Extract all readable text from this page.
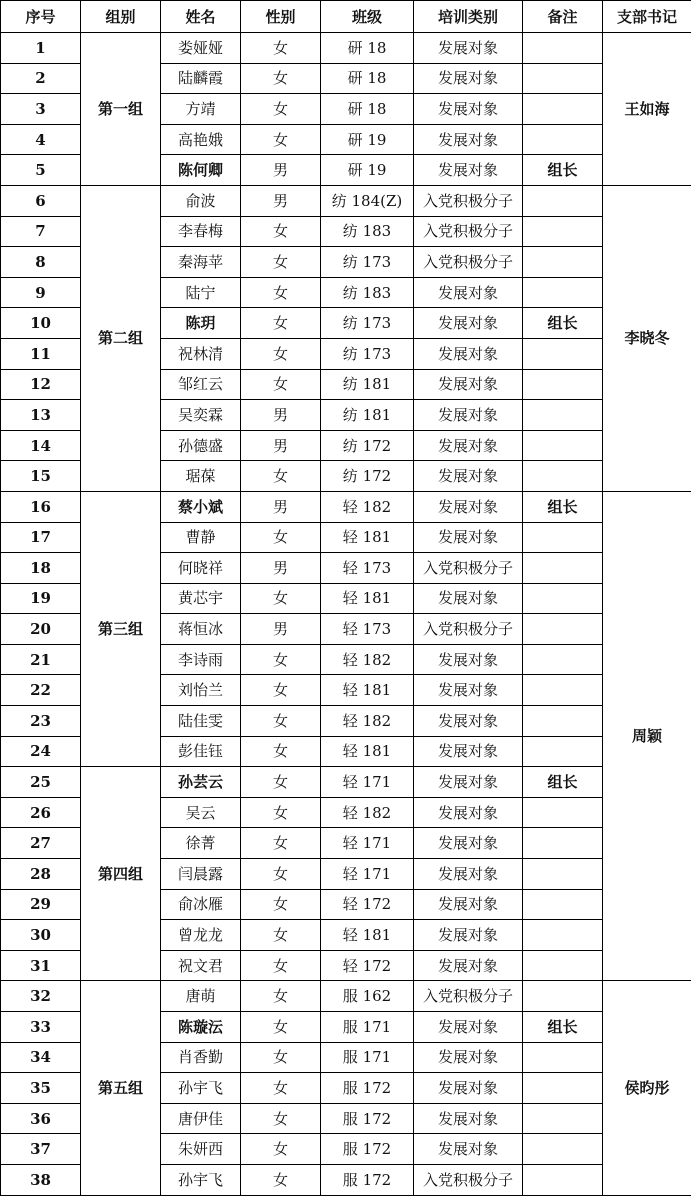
序号	组别	姓名	性别	班级	培训类别	备注	支部书记
1	第一组	娄娅娅	女	研 18	发展对象		王如海
2		陆麟霞	女	研 18	发展对象		
3		方靖	女	研 18	发展对象		
4		高艳娥	女	研 19	发展对象		
5		陈何卿	男	研 19	发展对象	组长	
6	第二组	俞波	男	纺 184(Z)	入党积极分子		李晓冬
7		李春梅	女	纺 183	入党积极分子		
8		秦海苹	女	纺 173	入党积极分子		
9		陆宁	女	纺 183	发展对象		
10		陈玥	女	纺 173	发展对象	组长	
11		祝林清	女	纺 173	发展对象		
12		邹红云	女	纺 181	发展对象		
13		吴奕霖	男	纺 181	发展对象		
14		孙德盛	男	纺 172	发展对象		
15		琚葆	女	纺 172	发展对象		
16	第三组	蔡小斌	男	轻 182	发展对象	组长	周颖
17		曹静	女	轻 181	发展对象		
18		何晓祥	男	轻 173	入党积极分子		
19		黄芯宇	女	轻 181	发展对象		
20		蒋恒冰	男	轻 173	入党积极分子		
21		李诗雨	女	轻 182	发展对象		
22		刘怡兰	女	轻 181	发展对象		
23		陆佳雯	女	轻 182	发展对象		
24		彭佳钰	女	轻 181	发展对象		
25	第四组	孙芸云	女	轻 171	发展对象	组长	
26		吴云	女	轻 182	发展对象		
27		徐菁	女	轻 171	发展对象		
28		闫晨露	女	轻 171	发展对象		
29		俞冰雁	女	轻 172	发展对象		
30		曾龙龙	女	轻 181	发展对象		
31		祝文君	女	轻 172	发展对象		
32	第五组	唐萌	女	服 162	入党积极分子		侯昀彤
33		陈璇沄	女	服 171	发展对象	组长	
34		肖香勤	女	服 171	发展对象		
35		孙宇飞	女	服 172	发展对象		
36		唐伊佳	女	服 172	发展对象		
37		朱妍西	女	服 172	发展对象		
38		孙宇飞	女	服 172	入党积极分子		
